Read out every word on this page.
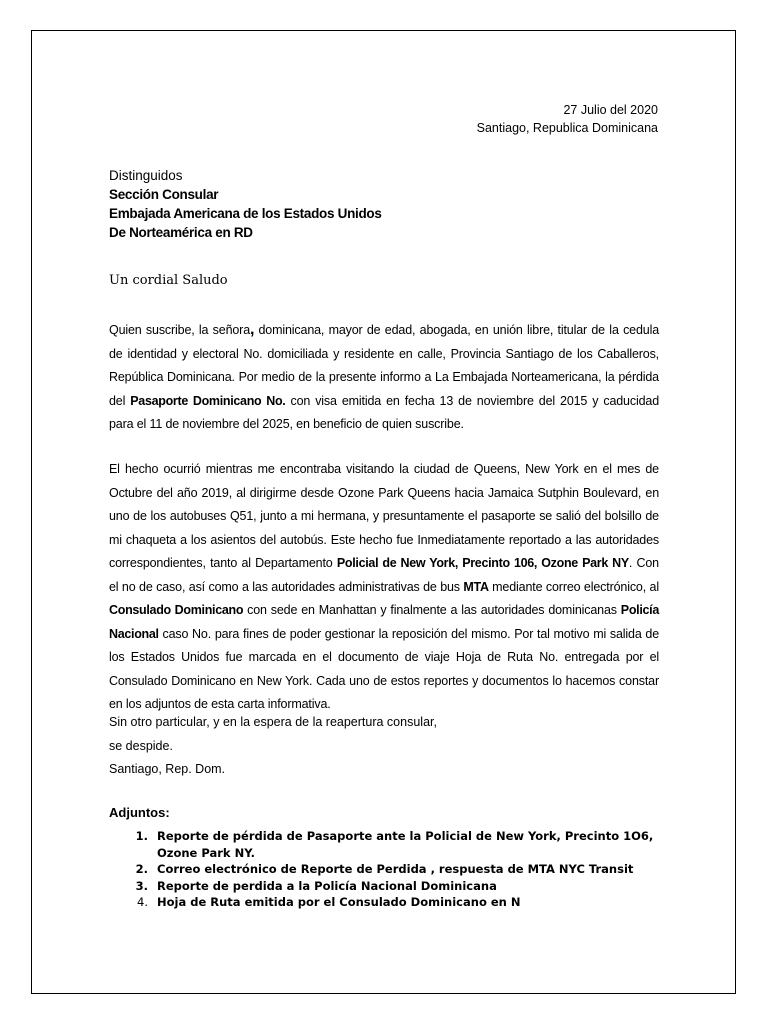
27 Julio del 2020
Santiago, Republica Dominicana
Distinguidos
Sección Consular
Embajada Americana de los Estados Unidos
De Norteamérica en RD
Un cordial Saludo
Quien suscribe, la señora, dominicana, mayor de edad, abogada, en unión libre, titular de la cedula de identidad y electoral No. domiciliada y residente en calle, Provincia Santiago de los Caballeros, República Dominicana. Por medio de la presente informo a La Embajada Norteamericana, la pérdida del Pasaporte Dominicano No. con visa emitida en fecha 13 de noviembre del 2015 y caducidad para el 11 de noviembre del 2025, en beneficio de quien suscribe.
El hecho ocurrió mientras me encontraba visitando la ciudad de Queens, New York en el mes de Octubre del año 2019, al dirigirme desde Ozone Park Queens hacia Jamaica Sutphin Boulevard, en uno de los autobuses Q51, junto a mi hermana, y presuntamente el pasaporte se salió del bolsillo de mi chaqueta a los asientos del autobús. Este hecho fue Inmediatamente reportado a las autoridades correspondientes, tanto al Departamento Policial de New York, Precinto 106, Ozone Park NY. Con el no de caso, así como a las autoridades administrativas de bus MTA mediante correo electrónico, al Consulado Dominicano con sede en Manhattan y finalmente a las autoridades dominicanas Policía Nacional caso No. para fines de poder gestionar la reposición del mismo. Por tal motivo mi salida de los Estados Unidos fue marcada en el documento de viaje Hoja de Ruta No. entregada por el Consulado Dominicano en New York. Cada uno de estos reportes y documentos lo hacemos constar en los adjuntos de esta carta informativa.
Sin otro particular, y en la espera de la reapertura consular,
se despide.
Santiago, Rep. Dom.
Adjuntos:
1. Reporte de pérdida de Pasaporte ante la Policial de New York, Precinto 1O6, Ozone Park NY.
2. Correo electrónico de Reporte de Perdida , respuesta de MTA NYC Transit
3. Reporte de perdida a la Policía Nacional Dominicana
4. Hoja de Ruta emitida por el Consulado Dominicano en N
